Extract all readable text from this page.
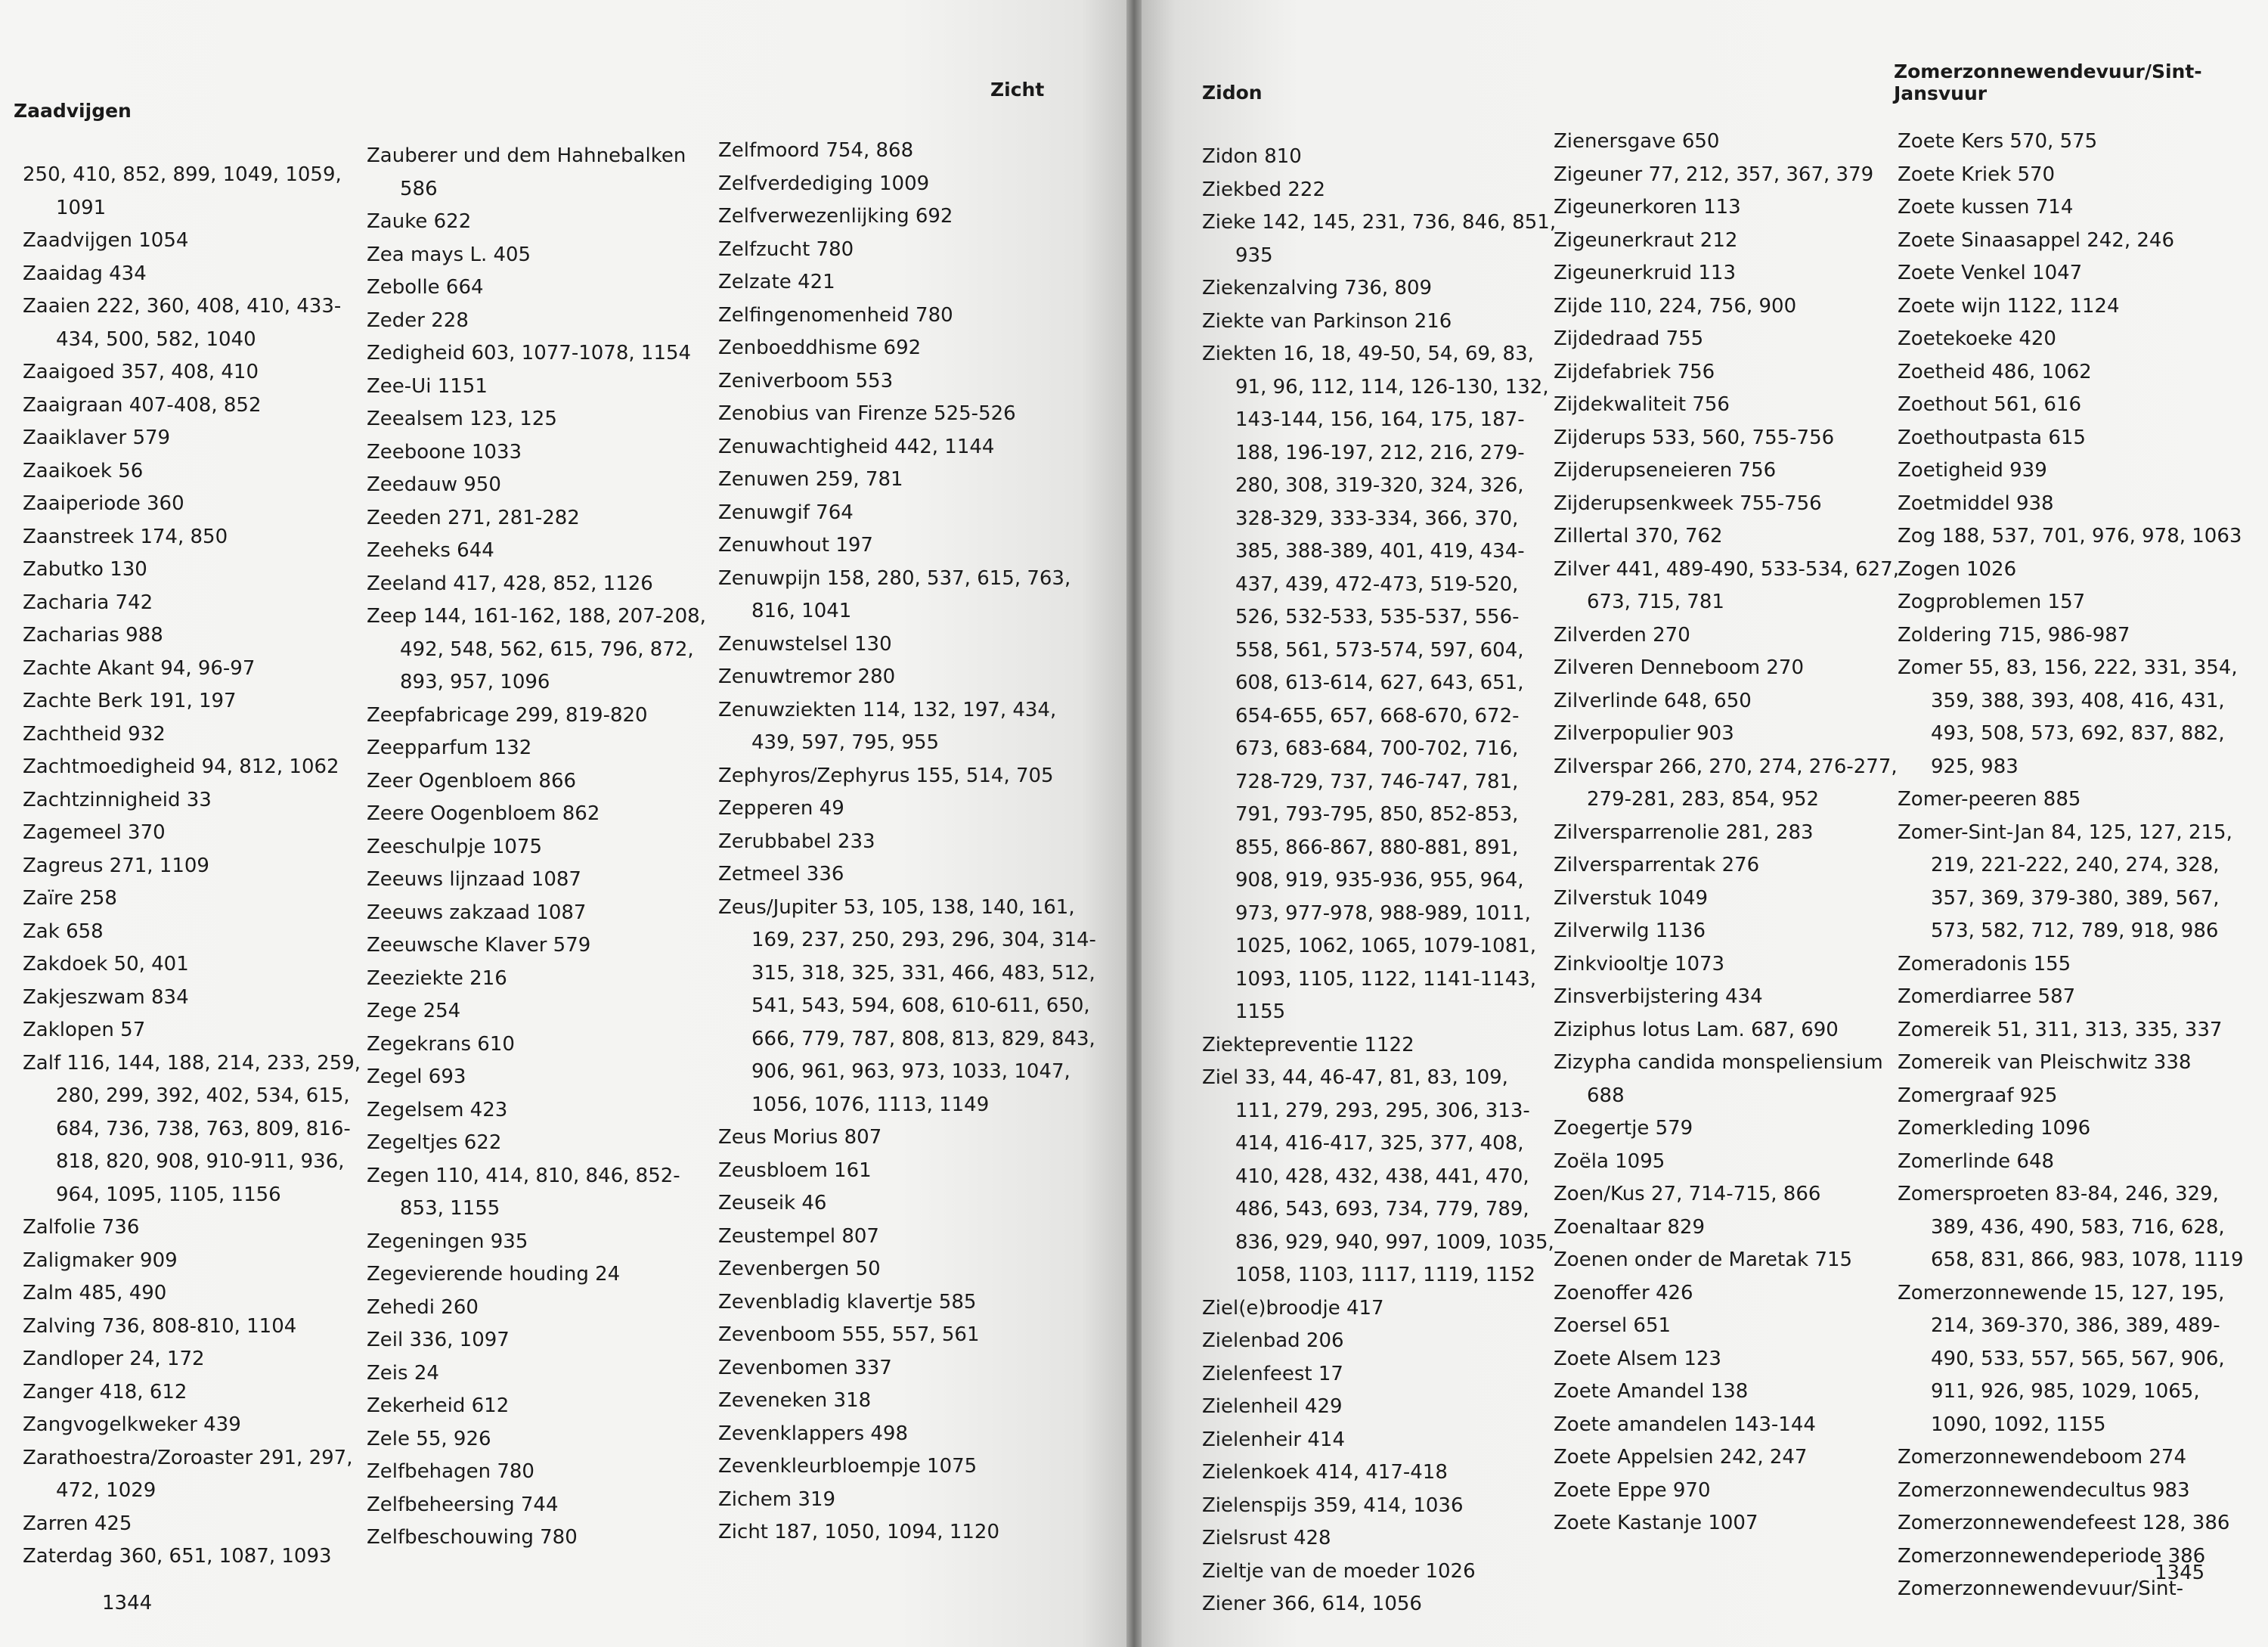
Zaadvijgen
Zicht
250, 410, 852, 899, 1049, 1059, 1091
Zaadvijgen 1054
Zaaidag 434
Zaaien 222, 360, 408, 410, 433-434, 500, 582, 1040
Zaaigoed 357, 408, 410
Zaaigraan 407-408, 852
Zaaiklaver 579
Zaaikoek 56
Zaaiperiode 360
Zaanstreek 174, 850
Zabutko 130
Zacharia 742
Zacharias 988
Zachte Akant 94, 96-97
Zachte Berk 191, 197
Zachtheid 932
Zachtmoedigheid 94, 812, 1062
Zachtzinnigheid 33
Zagemeel 370
Zagreus 271, 1109
Zaïre 258
Zak 658
Zakdoek 50, 401
Zakjeszwam 834
Zaklopen 57
Zalf 116, 144, 188, 214, 233, 259, 280, 299, 392, 402, 534, 615, 684, 736, 738, 763, 809, 816-818, 820, 908, 910-911, 936, 964, 1095, 1105, 1156
Zalfolie 736
Zaligmaker 909
Zalm 485, 490
Zalving 736, 808-810, 1104
Zandloper 24, 172
Zanger 418, 612
Zangvogelkweker 439
Zarathoestra/Zoroaster 291, 297, 472, 1029
Zarren 425
Zaterdag 360, 651, 1087, 1093
Zauberer und dem Hahnebalken 586
Zauke 622
Zea mays L. 405
Zebolle 664
Zeder 228
Zedigheid 603, 1077-1078, 1154
Zee-Ui 1151
Zeealsem 123, 125
Zeeboone 1033
Zeedauw 950
Zeeden 271, 281-282
Zeeheks 644
Zeeland 417, 428, 852, 1126
Zeep 144, 161-162, 188, 207-208, 492, 548, 562, 615, 796, 872, 893, 957, 1096
Zeepfabricage 299, 819-820
Zeepparfum 132
Zeer Ogenbloem 866
Zeere Oogenbloem 862
Zeeschulpje 1075
Zeeuws lijnzaad 1087
Zeeuws zakzaad 1087
Zeeuwsche Klaver 579
Zeeziekte 216
Zege 254
Zegekrans 610
Zegel 693
Zegelsem 423
Zegeltjes 622
Zegen 110, 414, 810, 846, 852-853, 1155
Zegeningen 935
Zegevierende houding 24
Zehedi 260
Zeil 336, 1097
Zeis 24
Zekerheid 612
Zele 55, 926
Zelfbehagen 780
Zelfbeheersing 744
Zelfbeschouwing 780
Zelfmoord 754, 868
Zelfverdediging 1009
Zelfverwezenlijking 692
Zelfzucht 780
Zelzate 421
Zelfingenomenheid 780
Zenboeddhisme 692
Zeniverboom 553
Zenobius van Firenze 525-526
Zenuwachtigheid 442, 1144
Zenuwen 259, 781
Zenuwgif 764
Zenuwhout 197
Zenuwpijn 158, 280, 537, 615, 763, 816, 1041
Zenuwstelsel 130
Zenuwtremor 280
Zenuwziekten 114, 132, 197, 434, 439, 597, 795, 955
Zephyros/Zephyrus 155, 514, 705
Zepperen 49
Zerubbabel 233
Zetmeel 336
Zeus/Jupiter 53, 105, 138, 140, 161, 169, 237, 250, 293, 296, 304, 314-315, 318, 325, 331, 466, 483, 512, 541, 543, 594, 608, 610-611, 650, 666, 779, 787, 808, 813, 829, 843, 906, 961, 963, 973, 1033, 1047, 1056, 1076, 1113, 1149
Zeus Morius 807
Zeusbloem 161
Zeuseik 46
Zeustempel 807
Zevenbergen 50
Zevenbladig klavertje 585
Zevenboom 555, 557, 561
Zevenbomen 337
Zeveneken 318
Zevenklappers 498
Zevenkleurbloempje 1075
Zichem 319
Zicht 187, 1050, 1094, 1120
1344
Zidon
Zomerzonnewendevuur/Sint-Jansvuur
Zidon 810
Ziekbed 222
Zieke 142, 145, 231, 736, 846, 851, 935
Ziekenzalving 736, 809
Ziekte van Parkinson 216
Ziekten 16, 18, 49-50, 54, 69, 83, 91, 96, 112, 114, 126-130, 132, 143-144, 156, 164, 175, 187-188, 196-197, 212, 216, 279-280, 308, 319-320, 324, 326, 328-329, 333-334, 366, 370, 385, 388-389, 401, 419, 434-437, 439, 472-473, 519-520, 526, 532-533, 535-537, 556-558, 561, 573-574, 597, 604, 608, 613-614, 627, 643, 651, 654-655, 657, 668-670, 672-673, 683-684, 700-702, 716, 728-729, 737, 746-747, 781, 791, 793-795, 850, 852-853, 855, 866-867, 880-881, 891, 908, 919, 935-936, 955, 964, 973, 977-978, 988-989, 1011, 1025, 1062, 1065, 1079-1081, 1093, 1105, 1122, 1141-1143, 1155
Ziektepreventie 1122
Ziel 33, 44, 46-47, 81, 83, 109, 111, 279, 293, 295, 306, 313-414, 416-417, 325, 377, 408, 410, 428, 432, 438, 441, 470, 486, 543, 693, 734, 779, 789, 836, 929, 940, 997, 1009, 1035, 1058, 1103, 1117, 1119, 1152
Ziel(e)broodje 417
Zielenbad 206
Zielenfeest 17
Zielenheil 429
Zielenheir 414
Zielenkoek 414, 417-418
Zielenspijs 359, 414, 1036
Zielsrust 428
Zieltje van de moeder 1026
Ziener 366, 614, 1056
Zienersgave 650
Zigeuner 77, 212, 357, 367, 379
Zigeunerkoren 113
Zigeunerkraut 212
Zigeunerkruid 113
Zijde 110, 224, 756, 900
Zijdedraad 755
Zijdefabriek 756
Zijdekwaliteit 756
Zijderups 533, 560, 755-756
Zijderupseneieren 756
Zijderupsenkweek 755-756
Zillertal 370, 762
Zilver 441, 489-490, 533-534, 627, 673, 715, 781
Zilverden 270
Zilveren Denneboom 270
Zilverlinde 648, 650
Zilverpopulier 903
Zilverspar 266, 270, 274, 276-277, 279-281, 283, 854, 952
Zilversparrenolie 281, 283
Zilversparrentak 276
Zilverstuk 1049
Zilverwilg 1136
Zinkviooltje 1073
Zinsverbijstering 434
Ziziphus lotus Lam. 687, 690
Zizypha candida monspeliensium 688
Zoegertje 579
Zoëla 1095
Zoen/Kus 27, 714-715, 866
Zoenaltaar 829
Zoenen onder de Maretak 715
Zoenoffer 426
Zoersel 651
Zoete Alsem 123
Zoete Amandel 138
Zoete amandelen 143-144
Zoete Appelsien 242, 247
Zoete Eppe 970
Zoete Kastanje 1007
Zoete Kers 570, 575
Zoete Kriek 570
Zoete kussen 714
Zoete Sinaasappel 242, 246
Zoete Venkel 1047
Zoete wijn 1122, 1124
Zoetekoeke 420
Zoetheid 486, 1062
Zoethout 561, 616
Zoethoutpasta 615
Zoetigheid 939
Zoetmiddel 938
Zog 188, 537, 701, 976, 978, 1063
Zogen 1026
Zogproblemen 157
Zoldering 715, 986-987
Zomer 55, 83, 156, 222, 331, 354, 359, 388, 393, 408, 416, 431, 493, 508, 573, 692, 837, 882, 925, 983
Zomer-peeren 885
Zomer-Sint-Jan 84, 125, 127, 215, 219, 221-222, 240, 274, 328, 357, 369, 379-380, 389, 567, 573, 582, 712, 789, 918, 986
Zomeradonis 155
Zomerdiarree 587
Zomereik 51, 311, 313, 335, 337
Zomereik van Pleischwitz 338
Zomergraaf 925
Zomerkleding 1096
Zomerlinde 648
Zomersproeten 83-84, 246, 329, 389, 436, 490, 583, 716, 628, 658, 831, 866, 983, 1078, 1119
Zomerzonnewende 15, 127, 195, 214, 369-370, 386, 389, 489-490, 533, 557, 565, 567, 906, 911, 926, 985, 1029, 1065, 1090, 1092, 1155
Zomerzonnewendeboom 274
Zomerzonnewendecultus 983
Zomerzonnewendefeest 128, 386
Zomerzonnewendeperiode 386
Zomerzonnewendevuur/Sint-
1345
